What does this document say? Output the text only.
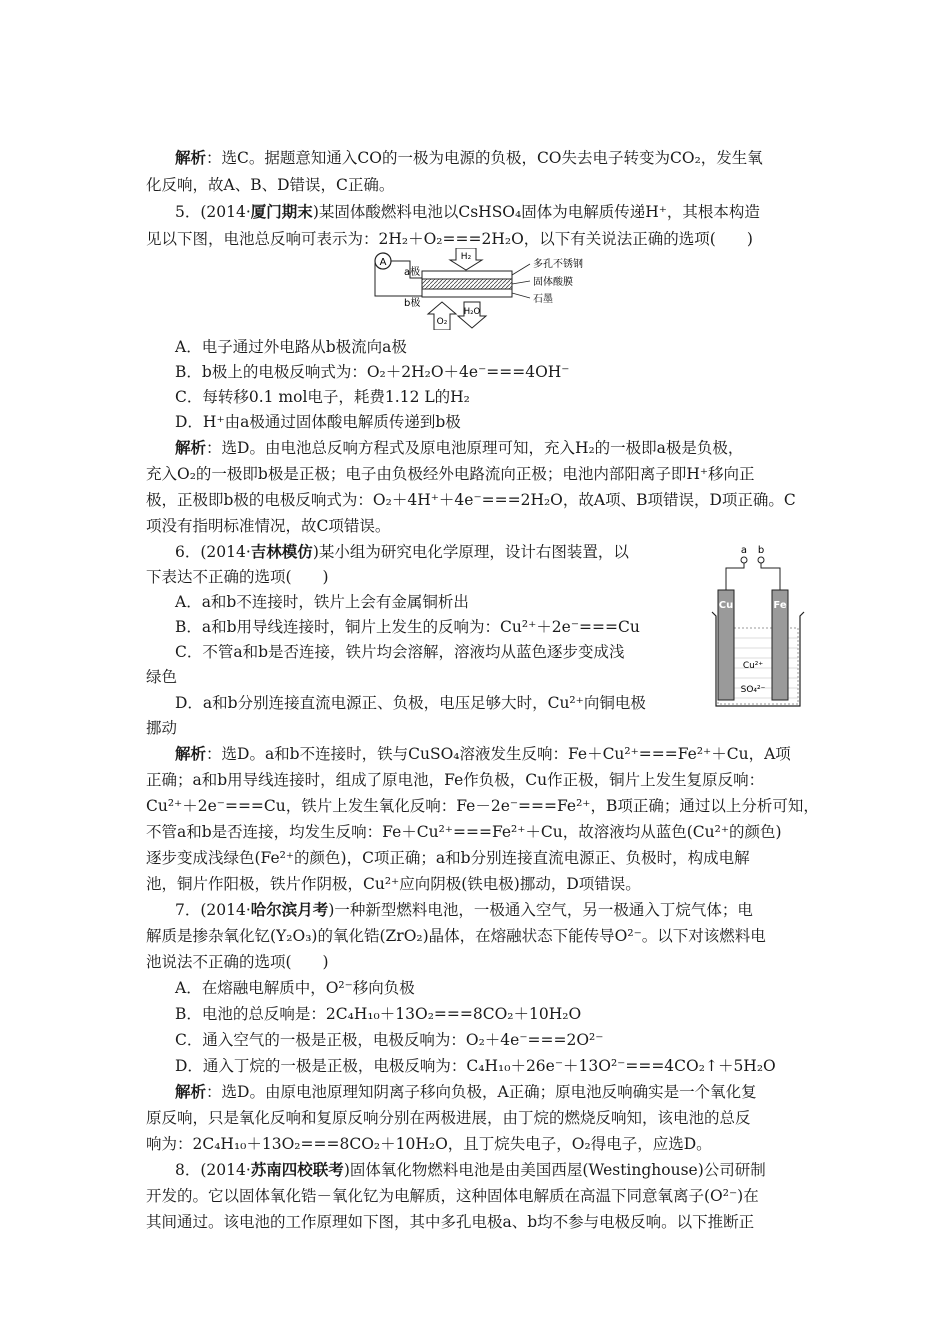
解析：选C。据题意知通入CO的一极为电源的负极，CO失去电子转变为CO₂，发生氧
化反响，故A、B、D错误，C正确。
5．(2014·厦门期末)某固体酸燃料电池以CsHSO₄固体为电解质传递H⁺，其根本构造
见以下图，电池总反响可表示为：2H₂＋O₂===2H₂O，以下有关说法正确的选项(　　)
A
a极
b极
H₂
O₂
H₂O
多孔不锈钢
固体酸膜
石墨
A．电子通过外电路从b极流向a极
B．b极上的电极反响式为：O₂＋2H₂O＋4e⁻===4OH⁻
C．每转移0.1 mol电子，耗费1.12 L的H₂
D．H⁺由a极通过固体酸电解质传递到b极
解析：选D。由电池总反响方程式及原电池原理可知，充入H₂的一极即a极是负极，
充入O₂的一极即b极是正极；电子由负极经外电路流向正极；电池内部阳离子即H⁺移向正
极，正极即b极的电极反响式为：O₂＋4H⁺＋4e⁻===2H₂O，故A项、B项错误，D项正确。C
项没有指明标准情况，故C项错误。
6．(2014·吉林模仿)某小组为研究电化学原理，设计右图装置，以
下表达不正确的选项(　　)
A．a和b不连接时，铁片上会有金属铜析出
B．a和b用导线连接时，铜片上发生的反响为：Cu²⁺＋2e⁻===Cu
C．不管a和b是否连接，铁片均会溶解，溶液均从蓝色逐步变成浅
绿色
D．a和b分别连接直流电源正、负极，电压足够大时，Cu²⁺向铜电极
挪动
a b
Cu	Fe
Cu²⁺
SO₄²⁻
解析：选D。a和b不连接时，铁与CuSO₄溶液发生反响：Fe＋Cu²⁺===Fe²⁺＋Cu，A项
正确；a和b用导线连接时，组成了原电池，Fe作负极，Cu作正极，铜片上发生复原反响：
Cu²⁺＋2e⁻===Cu，铁片上发生氧化反响：Fe－2e⁻===Fe²⁺，B项正确；通过以上分析可知，
不管a和b是否连接，均发生反响：Fe＋Cu²⁺===Fe²⁺＋Cu，故溶液均从蓝色(Cu²⁺的颜色)
逐步变成浅绿色(Fe²⁺的颜色)，C项正确；a和b分别连接直流电源正、负极时，构成电解
池，铜片作阳极，铁片作阴极，Cu²⁺应向阴极(铁电极)挪动，D项错误。
7．(2014·哈尔滨月考)一种新型燃料电池，一极通入空气，另一极通入丁烷气体；电
解质是掺杂氧化钇(Y₂O₃)的氧化锆(ZrO₂)晶体，在熔融状态下能传导O²⁻。以下对该燃料电
池说法不正确的选项(　　)
A．在熔融电解质中，O²⁻移向负极
B．电池的总反响是：2C₄H₁₀＋13O₂===8CO₂＋10H₂O
C．通入空气的一极是正极，电极反响为：O₂＋4e⁻===2O²⁻
D．通入丁烷的一极是正极，电极反响为：C₄H₁₀＋26e⁻＋13O²⁻===4CO₂↑＋5H₂O
解析：选D。由原电池原理知阴离子移向负极，A正确；原电池反响确实是一个氧化复
原反响，只是氧化反响和复原反响分别在两极进展，由丁烷的燃烧反响知，该电池的总反
响为：2C₄H₁₀＋13O₂===8CO₂＋10H₂O，且丁烷失电子，O₂得电子，应选D。
8．(2014·苏南四校联考)固体氧化物燃料电池是由美国西屋(Westinghouse)公司研制
开发的。它以固体氧化锆－氧化钇为电解质，这种固体电解质在高温下同意氧离子(O²⁻)在
其间通过。该电池的工作原理如下图，其中多孔电极a、b均不参与电极反响。以下推断正
